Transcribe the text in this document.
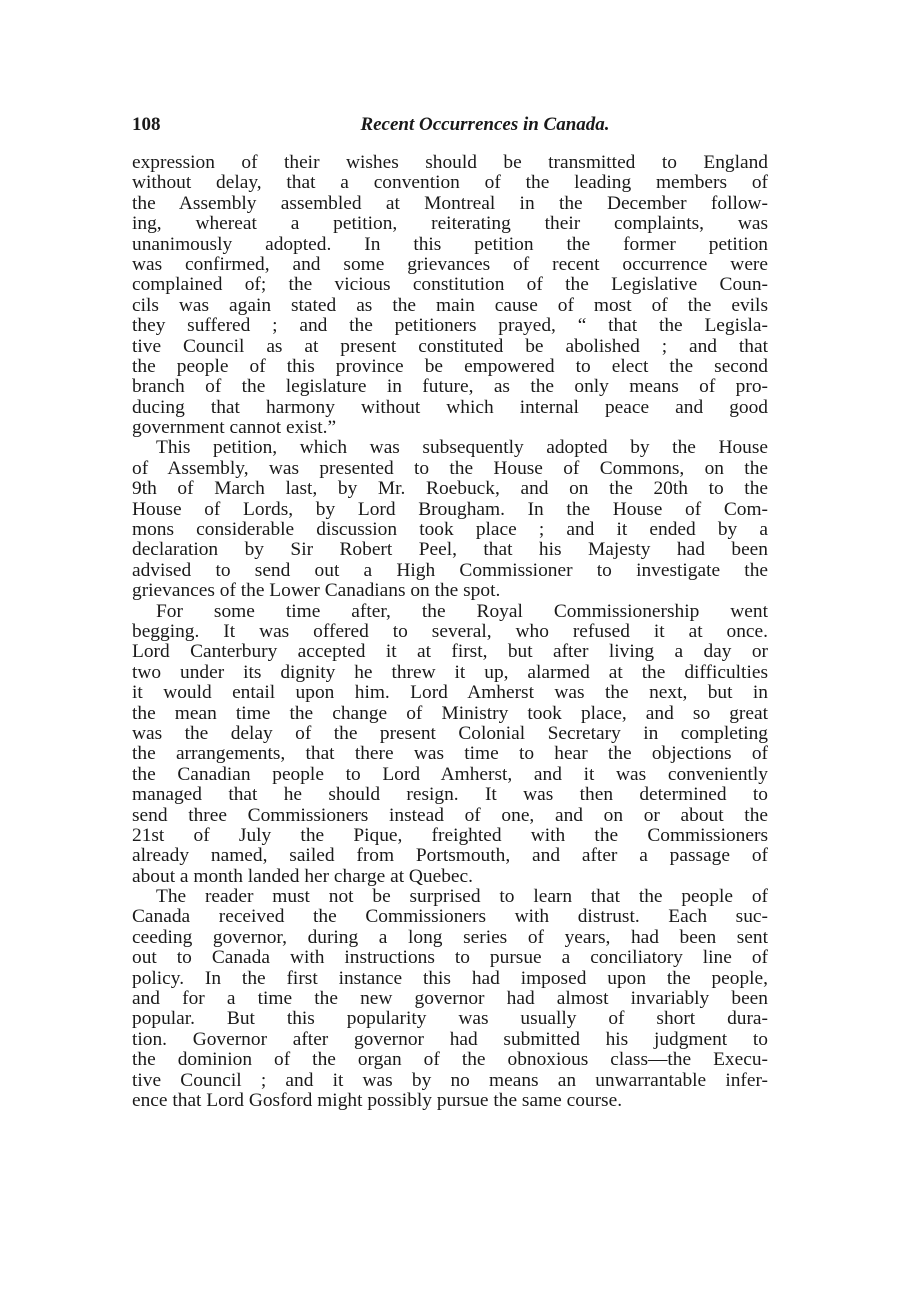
108	Recent Occurrences in Canada.
expression of their wishes should be transmitted to England
without delay, that a convention of the leading members of
the Assembly assembled at Montreal in the December follow-
ing, whereat a petition, reiterating their complaints, was
unanimously adopted. In this petition the former petition
was confirmed, and some grievances of recent occurrence were
complained of; the vicious constitution of the Legislative Coun-
cils was again stated as the main cause of most of the evils
they suffered ; and the petitioners prayed, “ that the Legisla-
tive Council as at present constituted be abolished ; and that
the people of this province be empowered to elect the second
branch of the legislature in future, as the only means of pro-
ducing that harmony without which internal peace and good
government cannot exist.”
This petition, which was subsequently adopted by the House
of Assembly, was presented to the House of Commons, on the
9th of March last, by Mr. Roebuck, and on the 20th to the
House of Lords, by Lord Brougham. In the House of Com-
mons considerable discussion took place ; and it ended by a
declaration by Sir Robert Peel, that his Majesty had been
advised to send out a High Commissioner to investigate the
grievances of the Lower Canadians on the spot.
For some time after, the Royal Commissionership went
begging. It was offered to several, who refused it at once.
Lord Canterbury accepted it at first, but after living a day or
two under its dignity he threw it up, alarmed at the difficulties
it would entail upon him. Lord Amherst was the next, but in
the mean time the change of Ministry took place, and so great
was the delay of the present Colonial Secretary in completing
the arrangements, that there was time to hear the objections of
the Canadian people to Lord Amherst, and it was conveniently
managed that he should resign. It was then determined to
send three Commissioners instead of one, and on or about the
21st of July the Pique, freighted with the Commissioners
already named, sailed from Portsmouth, and after a passage of
about a month landed her charge at Quebec.
The reader must not be surprised to learn that the people of
Canada received the Commissioners with distrust. Each suc-
ceeding governor, during a long series of years, had been sent
out to Canada with instructions to pursue a conciliatory line of
policy. In the first instance this had imposed upon the people,
and for a time the new governor had almost invariably been
popular. But this popularity was usually of short dura-
tion. Governor after governor had submitted his judgment to
the dominion of the organ of the obnoxious class—the Execu-
tive Council ; and it was by no means an unwarrantable infer-
ence that Lord Gosford might possibly pursue the same course.
